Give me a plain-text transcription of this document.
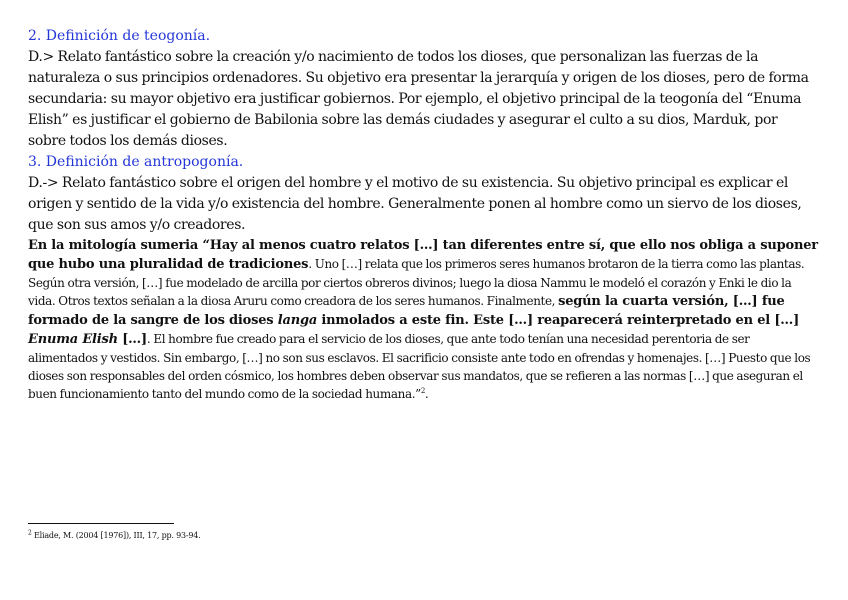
2. Definición de teogonía.

D.> Relato fantástico sobre la creación y/o nacimiento de todos los dioses, que personalizan las fuerzas de la naturaleza o sus principios ordenadores. Su objetivo era presentar la jerarquía y origen de los dioses, pero de forma secundaria: su mayor objetivo era justificar gobiernos. Por ejemplo, el objetivo principal de la teogonía del “Enuma Elish” es justificar el gobierno de Babilonia sobre las demás ciudades y asegurar el culto a su dios, Marduk, por sobre todos los demás dioses.

3. Definición de antropogonía.

D.-> Relato fantástico sobre el origen del hombre y el motivo de su existencia. Su objetivo principal es explicar el origen y sentido de la vida y/o existencia del hombre. Generalmente ponen al hombre como un siervo de los dioses, que son sus amos y/o creadores.

En la mitología sumeria “Hay al menos cuatro relatos […] tan diferentes entre sí, que ello nos obliga a suponer que hubo una pluralidad de tradiciones. Uno […] relata que los primeros seres humanos brotaron de la tierra como las plantas. Según otra versión, […] fue modelado de arcilla por ciertos obreros divinos; luego la diosa Nammu le modeló el corazón y Enki le dio la vida. Otros textos señalan a la diosa Aruru como creadora de los seres humanos. Finalmente, según la cuarta versión, […] fue formado de la sangre de los dioses langa inmolados a este fin. Este […] reaparecerá reinterpretado en el […] Enuma Elish […]. El hombre fue creado para el servicio de los dioses, que ante todo tenían una necesidad perentoria de ser alimentados y vestidos. Sin embargo, […] no son sus esclavos. El sacrificio consiste ante todo en ofrendas y homenajes. […] Puesto que los dioses son responsables del orden cósmico, los hombres deben observar sus mandatos, que se refieren a las normas […] que aseguran el buen funcionamiento tanto del mundo como de la sociedad humana.”$^2$.

$^2$ Eliade, M. (2004 [1976]), III, 17, pp. 93-94.
